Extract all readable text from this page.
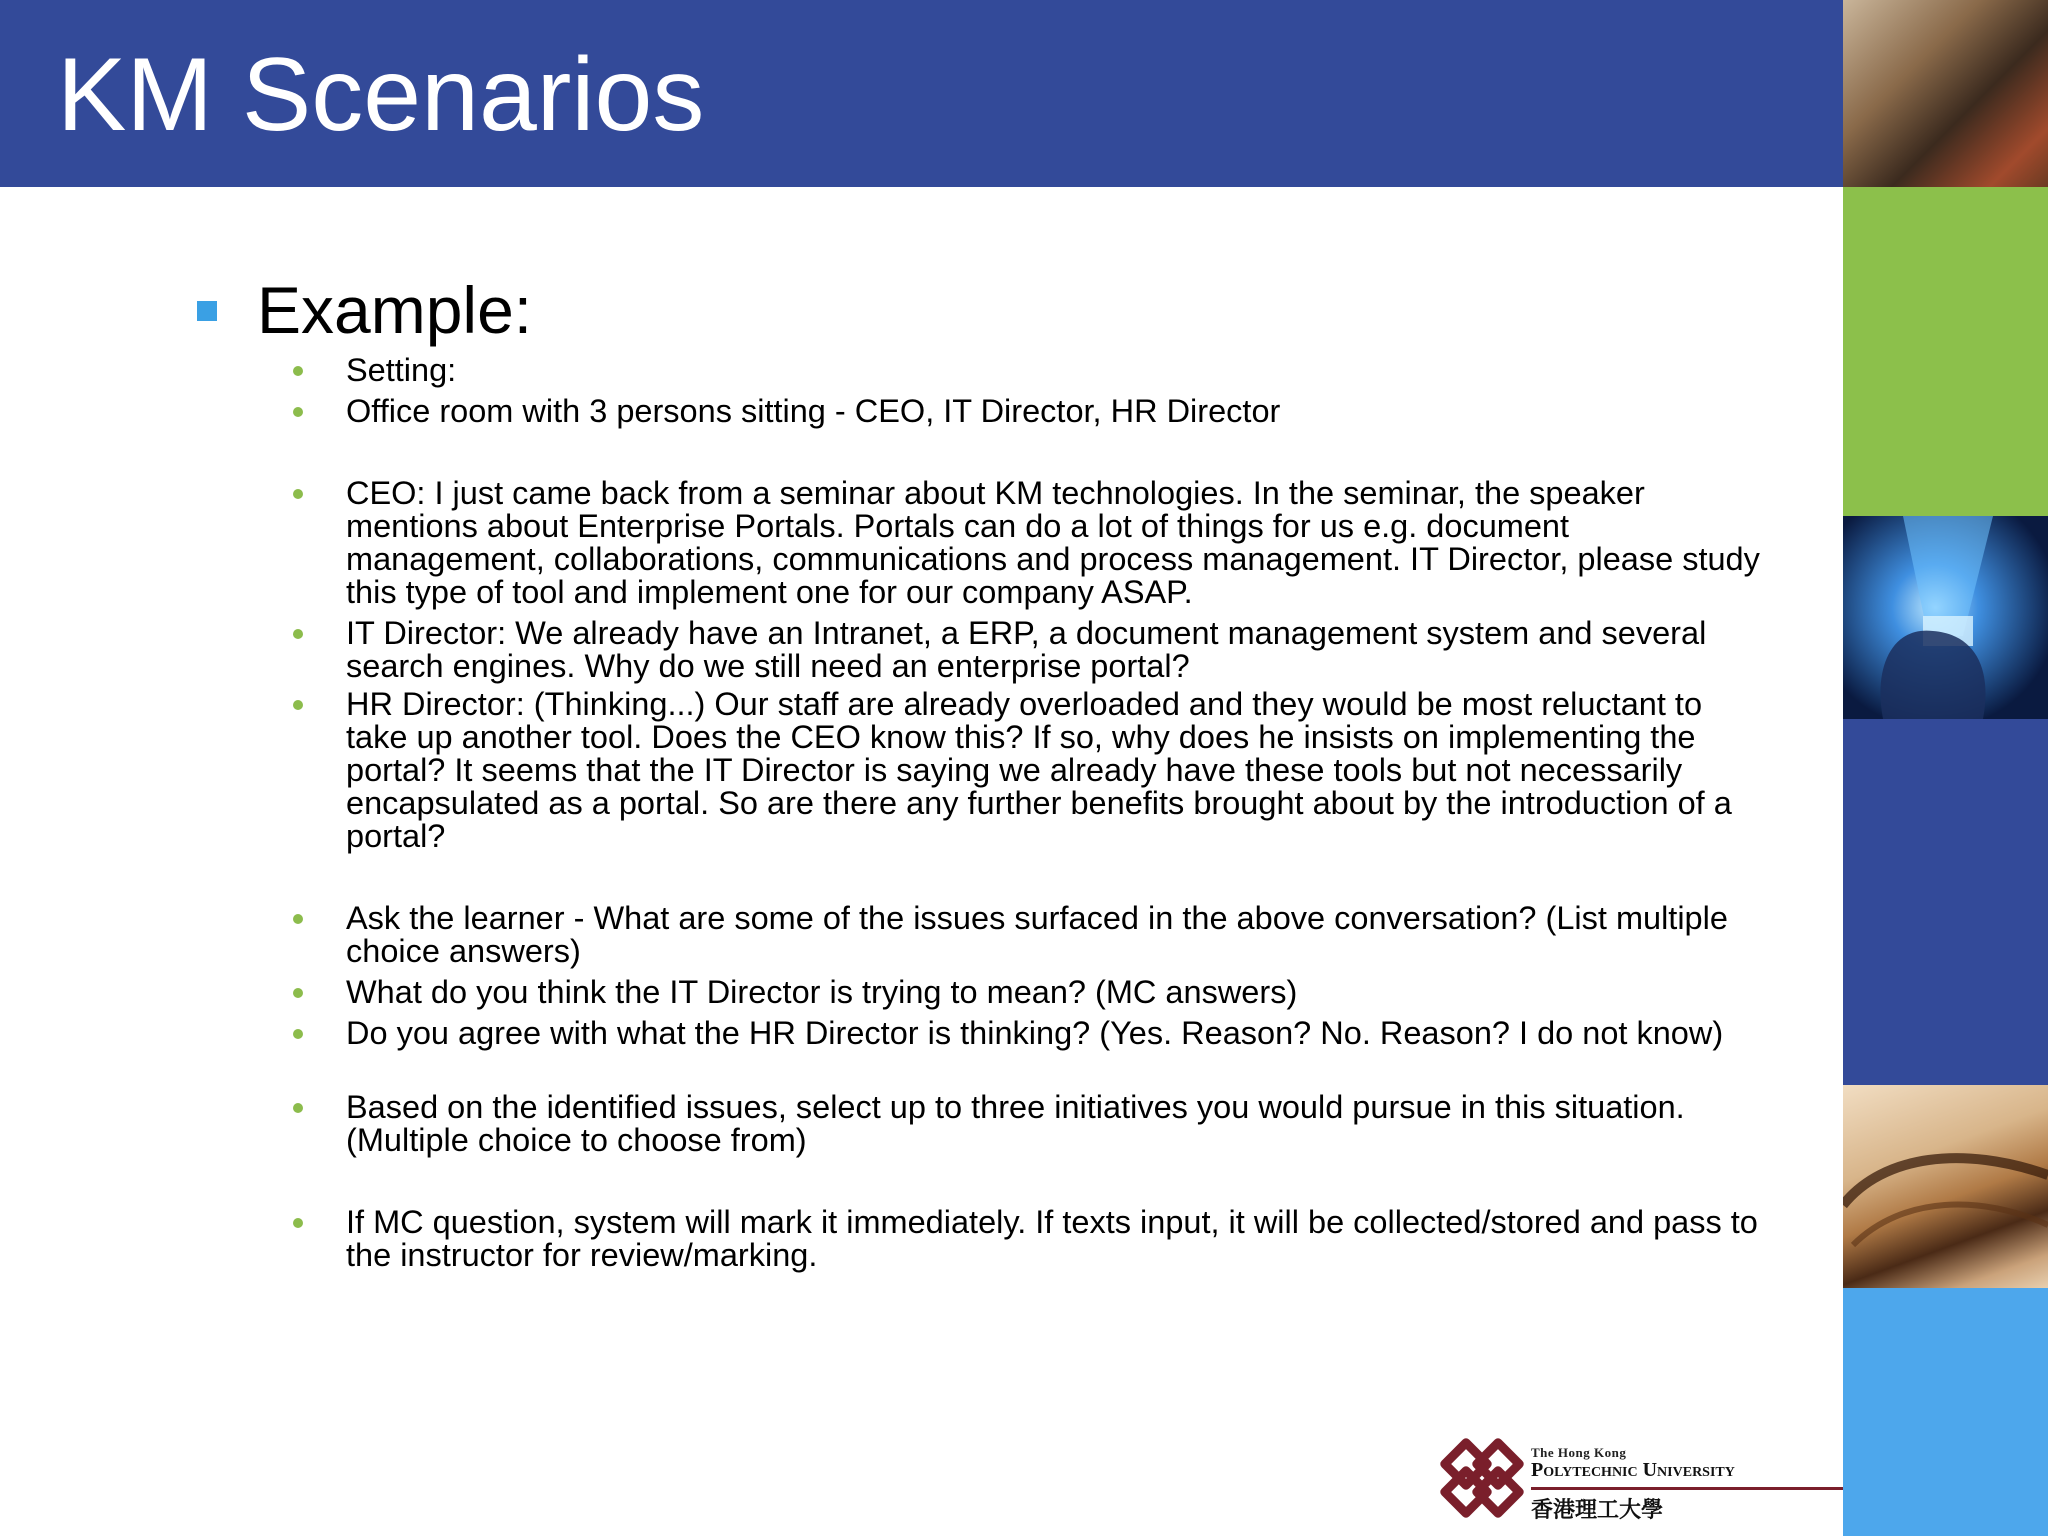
KM Scenarios
Example:
Setting:
Office room with 3 persons sitting - CEO, IT Director, HR Director
CEO: I just came back from a seminar about KM technologies. In the seminar, the speaker mentions about Enterprise Portals. Portals can do a lot of things for us e.g. document management, collaborations, communications and process management. IT Director, please study this type of tool and implement one for our company ASAP.
IT Director: We already have an Intranet, a ERP, a document management system and several search engines. Why do we still need an enterprise portal?
HR Director: (Thinking...) Our staff are already overloaded and they would be most reluctant to take up another tool. Does the CEO know this? If so, why does he insists on implementing the portal? It seems that the IT Director is saying we already have these tools but not necessarily encapsulated as a portal. So are there any further benefits brought about by the introduction of a portal?
Ask the learner - What are some of the issues surfaced in the above conversation? (List multiple choice answers)
What do you think the IT Director is trying to mean? (MC answers)
Do you agree with what the HR Director is thinking? (Yes. Reason? No. Reason? I do not know)
Based on the identified issues, select up to three initiatives you would pursue in this situation. (Multiple choice to choose from)
If MC question, system will mark it immediately. If texts input, it will be collected/stored and pass to the instructor for review/marking.
The Hong Kong
Polytechnic University
香港理工大學
